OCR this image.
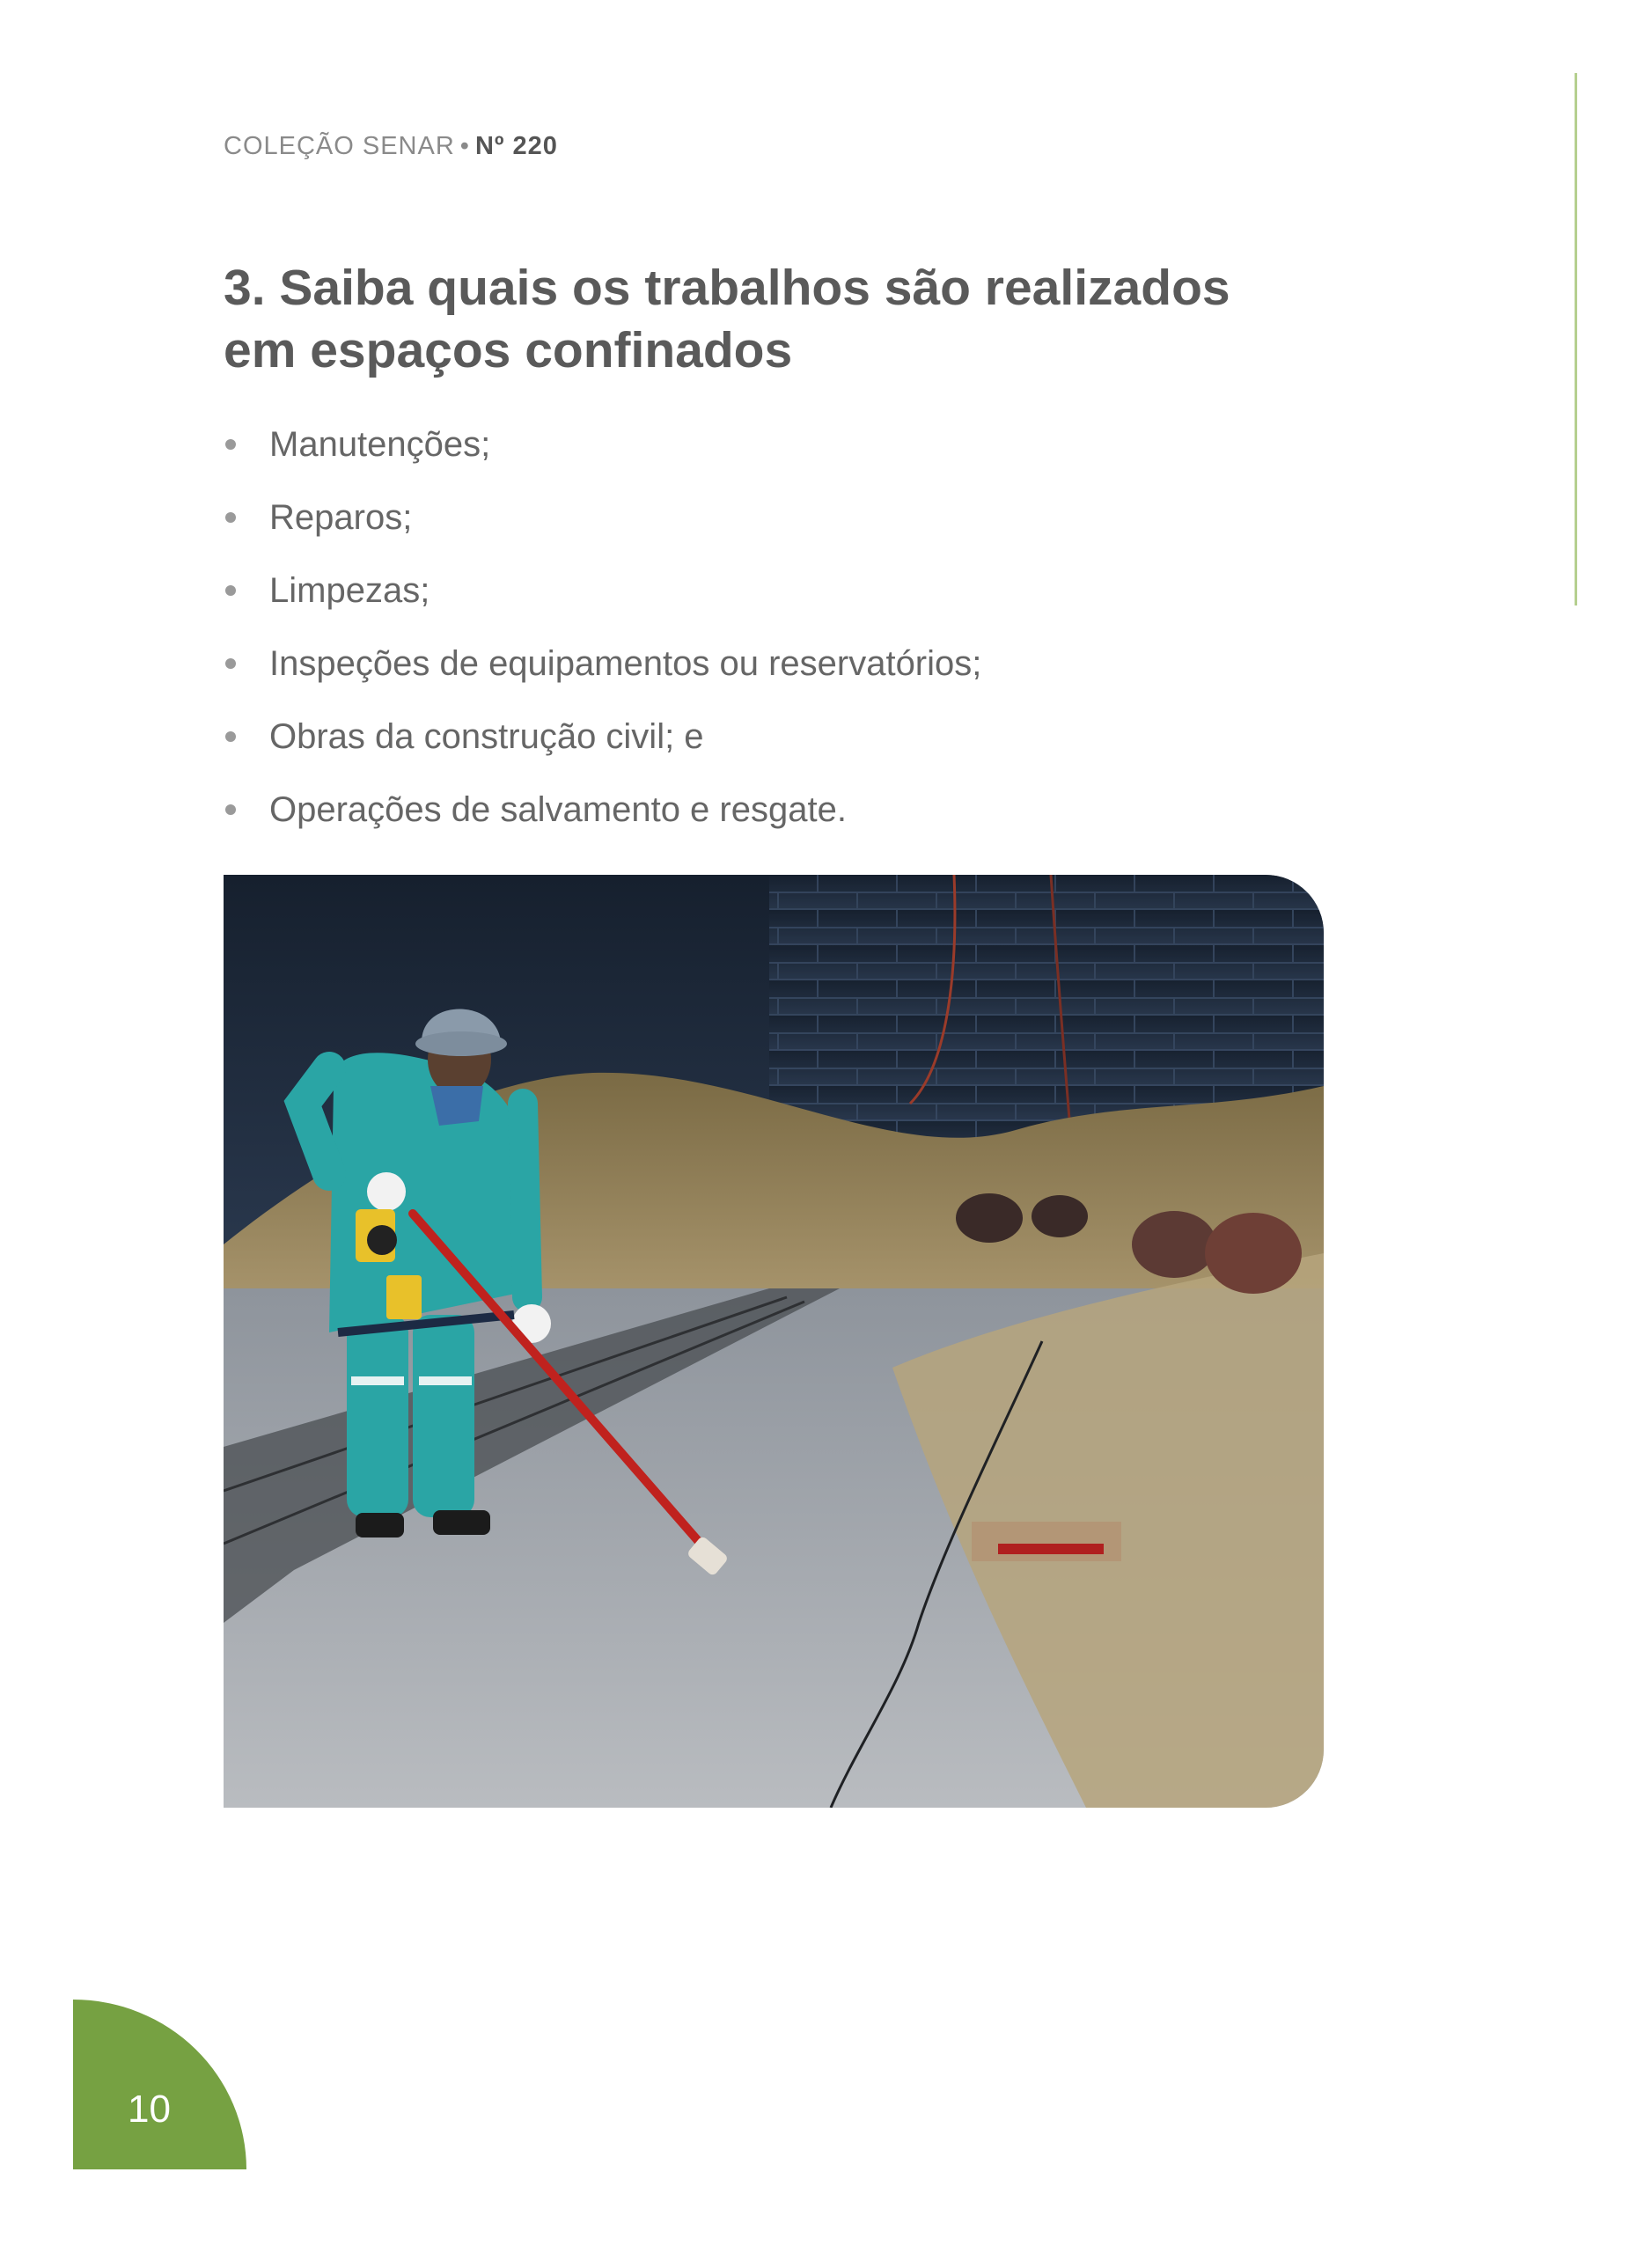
COLEÇÃO SENAR • Nº 220
3. Saiba quais os trabalhos são realizados
em espaços confinados
Manutenções;
Reparos;
Limpezas;
Inspeções de equipamentos ou reservatórios;
Obras da construção civil; e
Operações de salvamento e resgate.
10
